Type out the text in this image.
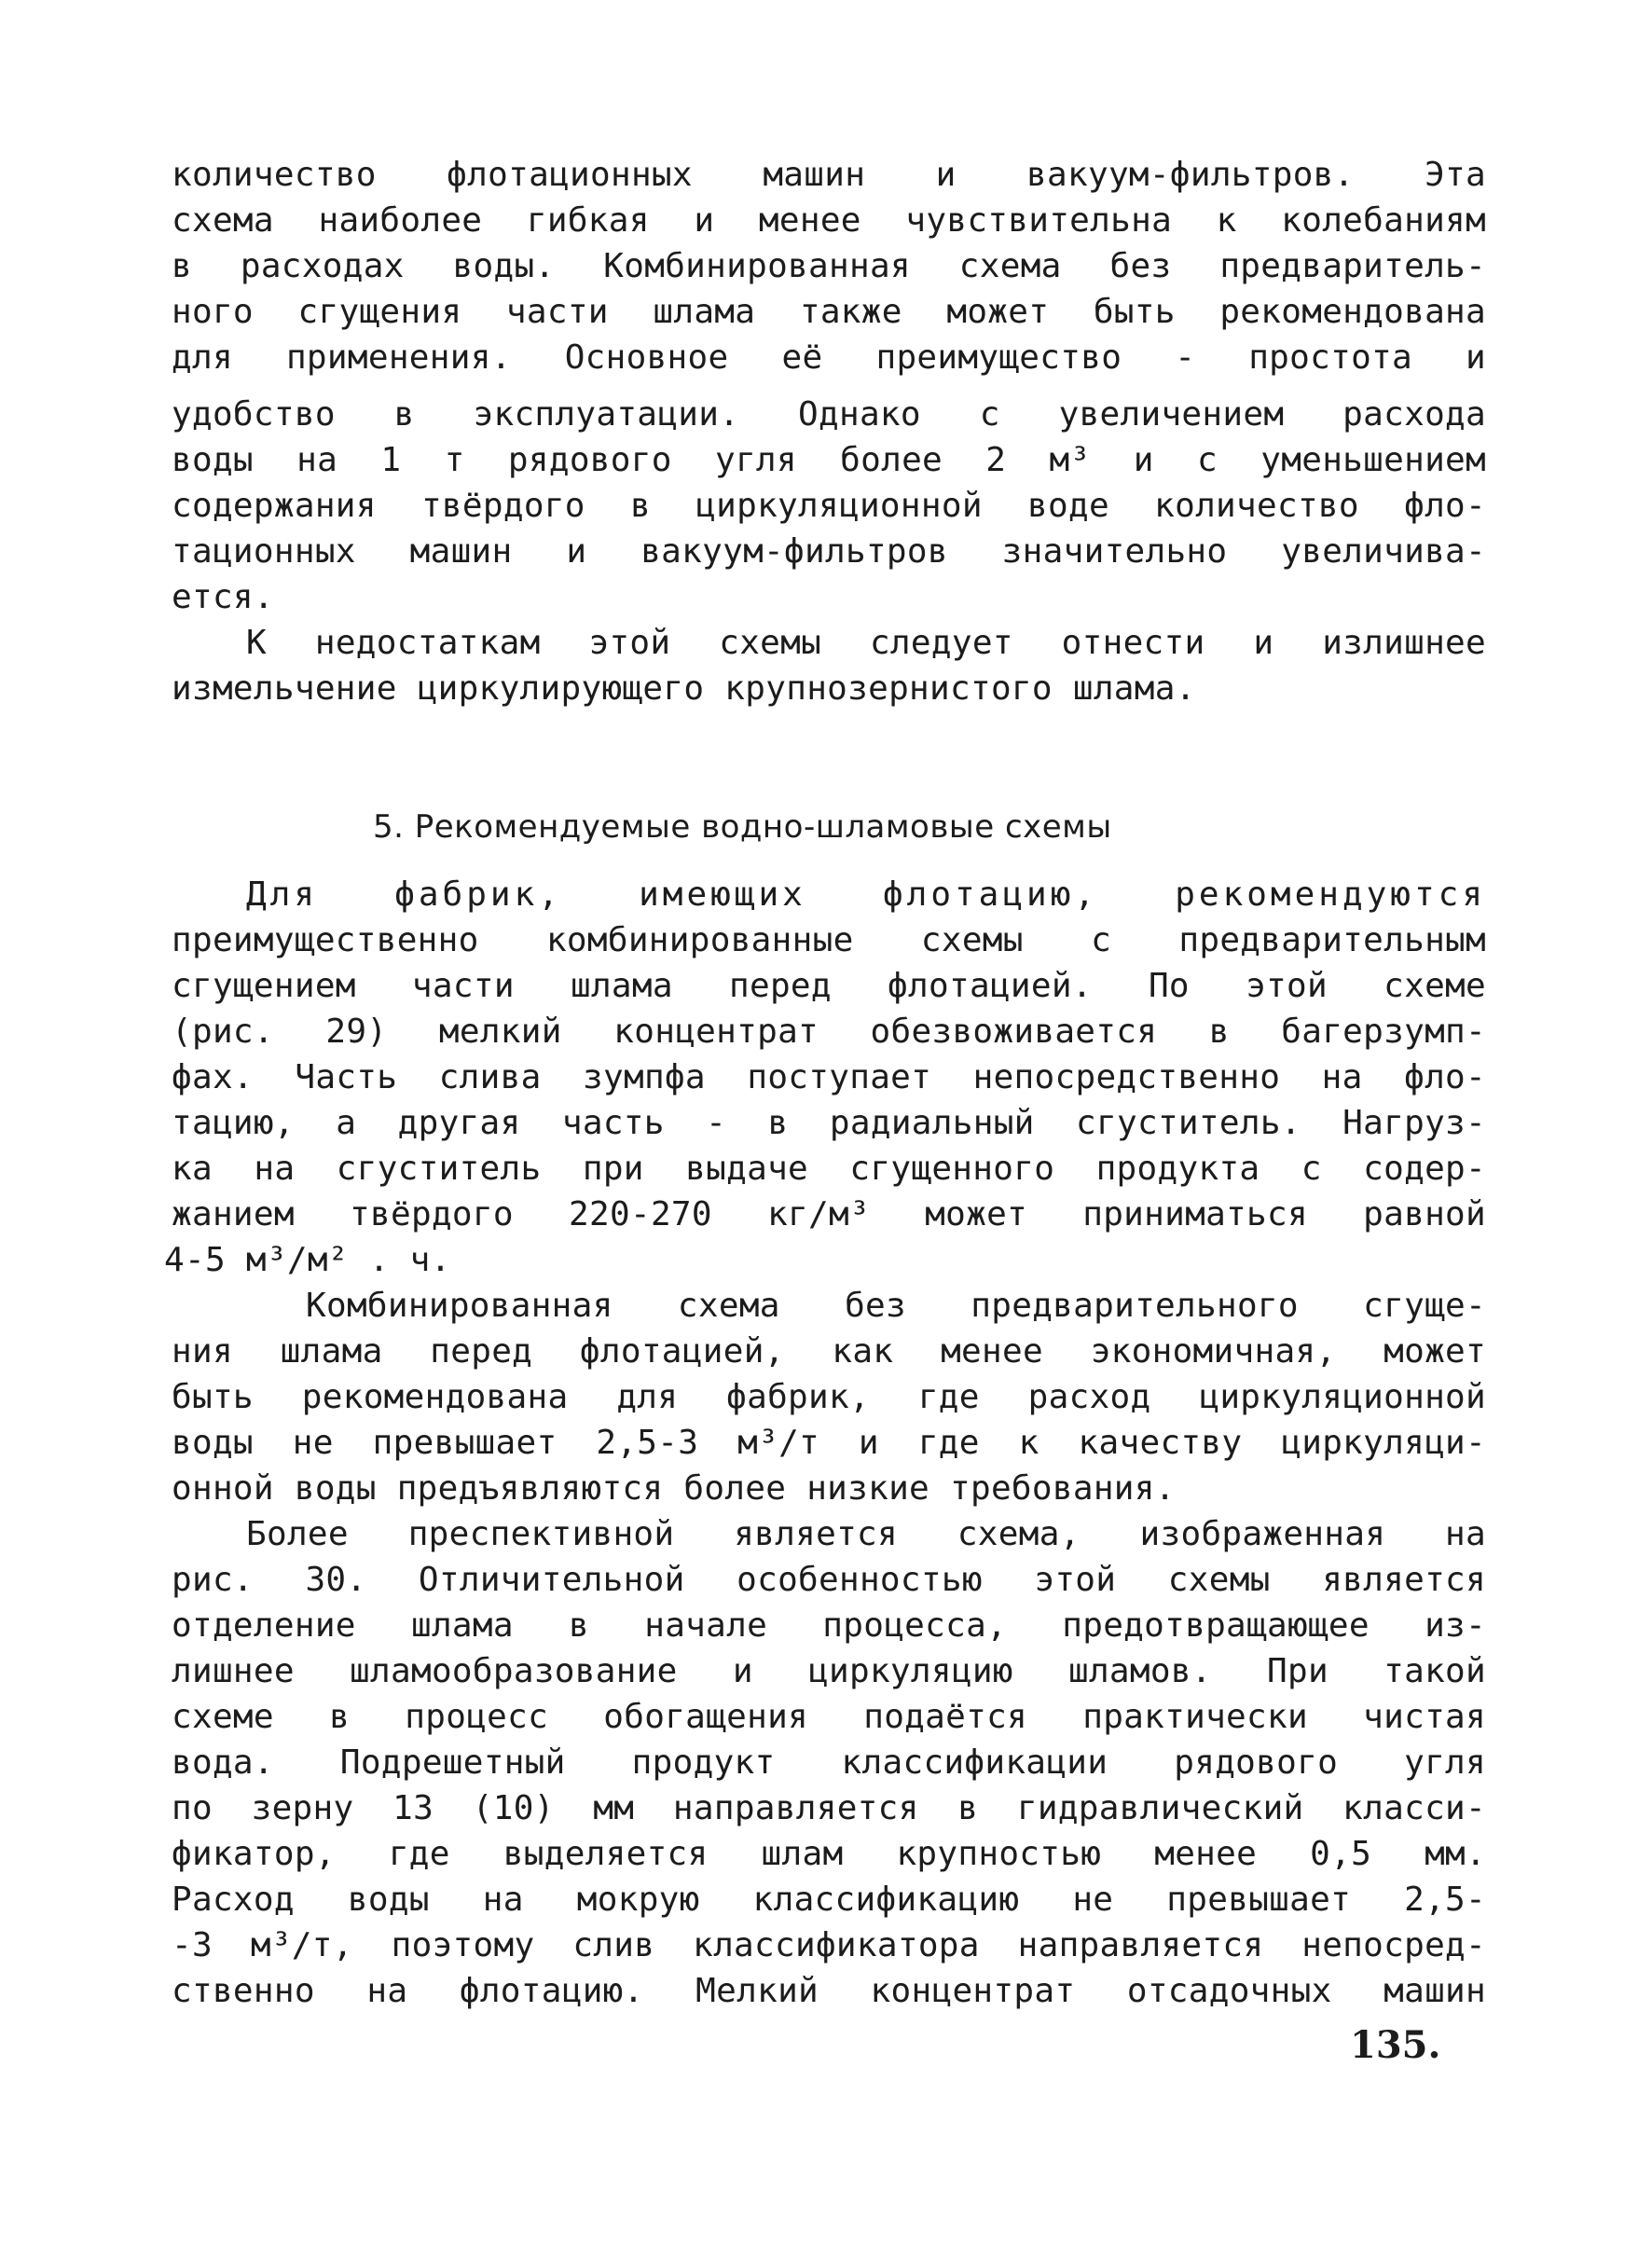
количество флотационных машин и вакуум-фильтров. Эта
схема наиболее гибкая и менее чувствительна к колебаниям
в расходах воды. Комбинированная схема без предваритель-
ного сгущения части шлама также может быть рекомендована
для применения. Основное её преимущество - простота и
удобство в эксплуатации. Однако с увеличением расхода
воды на 1 т рядового угля более 2 м³ и с уменьшением
содержания твёрдого в циркуляционной воде количество фло-
тационных машин и вакуум-фильтров значительно увеличива-
ется.
К недостаткам этой схемы следует отнести и излишнее
измельчение циркулирующего крупнозернистого шлама.
5. Рекомендуемые водно-шламовые схемы
Для фабрик, имеющих флотацию, рекомендуются
преимущественно комбинированные схемы с предварительным
сгущением части шлама перед флотацией. По этой схеме
(рис. 29) мелкий концентрат обезвоживается в багерзумп-
фах. Часть слива зумпфа поступает непосредственно на фло-
тацию, а другая часть - в радиальный сгуститель. Нагруз-
ка на сгуститель при выдаче сгущенного продукта с содер-
жанием твёрдого 220-270 кг/м³ может приниматься равной
4-5 м³/м² . ч.
Комбинированная схема без предварительного сгуще-
ния шлама перед флотацией, как менее экономичная, может
быть рекомендована для фабрик, где расход циркуляционной
воды не превышает 2,5-3 м³/т и где к качеству циркуляци-
онной воды предъявляются более низкие требования.
Более преспективной является схема, изображенная на
рис. 30. Отличительной особенностью этой схемы является
отделение шлама в начале процесса, предотвращающее из-
лишнее шламообразование и циркуляцию шламов. При такой
схеме в процесс обогащения подаётся практически чистая
вода. Подрешетный продукт классификации рядового угля
по зерну 13 (10) мм направляется в гидравлический класси-
фикатор, где выделяется шлам крупностью менее 0,5 мм.
Расход воды на мокрую классификацию не превышает 2,5-
-3 м³/т, поэтому слив классификатора направляется непосред-
ственно на флотацию. Мелкий концентрат отсадочных машин
135.
